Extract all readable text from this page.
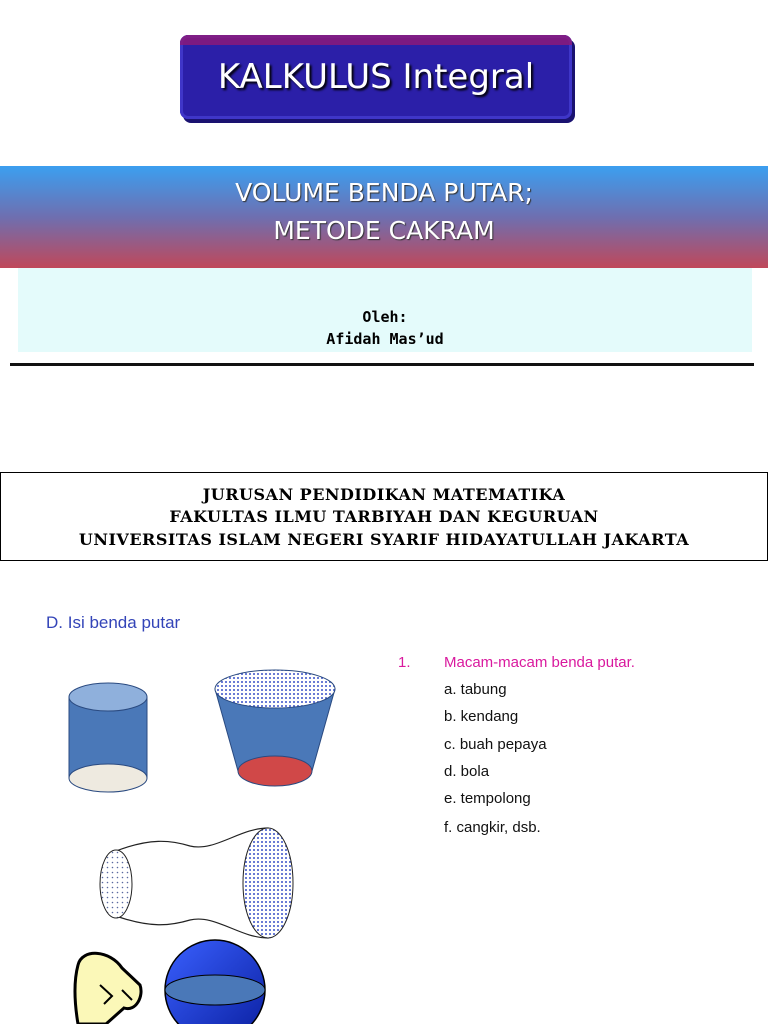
KALKULUS Integral
VOLUME BENDA PUTAR;
METODE CAKRAM
Oleh:
Afidah Mas’ud
JURUSAN PENDIDIKAN MATEMATIKA
FAKULTAS ILMU TARBIYAH DAN KEGURUAN
UNIVERSITAS ISLAM NEGERI SYARIF HIDAYATULLAH JAKARTA
D. Isi benda putar
1. Macam-macam benda putar.
a. tabung
b. kendang
c. buah pepaya
d. bola
e. tempolong
f. cangkir, dsb.
